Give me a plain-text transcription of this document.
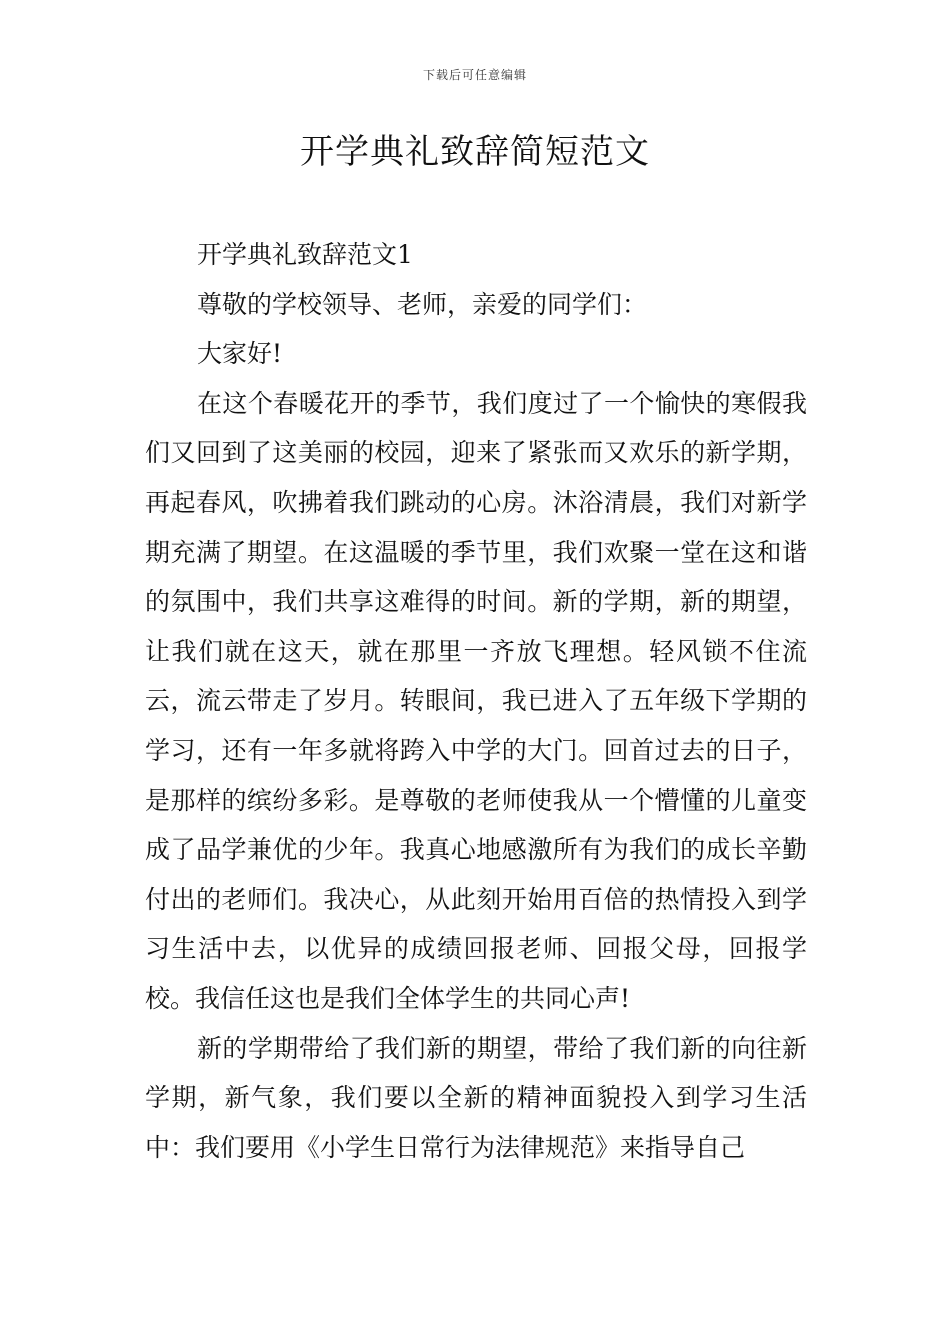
下载后可任意编辑
开学典礼致辞简短范文

开学典礼致辞范文1

尊敬的学校领导、老师，亲爱的同学们：

大家好!

在这个春暖花开的季节，我们度过了一个愉快的寒假我们又回到了这美丽的校园，迎来了紧张而又欢乐的新学期，再起春风，吹拂着我们跳动的心房。沐浴清晨，我们对新学期充满了期望。在这温暖的季节里，我们欢聚一堂在这和谐的氛围中，我们共享这难得的时间。新的学期，新的期望，让我们就在这天，就在那里一齐放飞理想。轻风锁不住流云，流云带走了岁月。转眼间，我已进入了五年级下学期的学习，还有一年多就将跨入中学的大门。回首过去的日子，是那样的缤纷多彩。是尊敬的老师使我从一个懵懂的儿童变成了品学兼优的少年。我真心地感激所有为我们的成长辛勤付出的老师们。我决心，从此刻开始用百倍的热情投入到学习生活中去，以优异的成绩回报老师、回报父母，回报学校。我信任这也是我们全体学生的共同心声!

新的学期带给了我们新的期望，带给了我们新的向往新学期，新气象，我们要以全新的精神面貌投入到学习生活中：我们要用《小学生日常行为法律规范》来指导自己
